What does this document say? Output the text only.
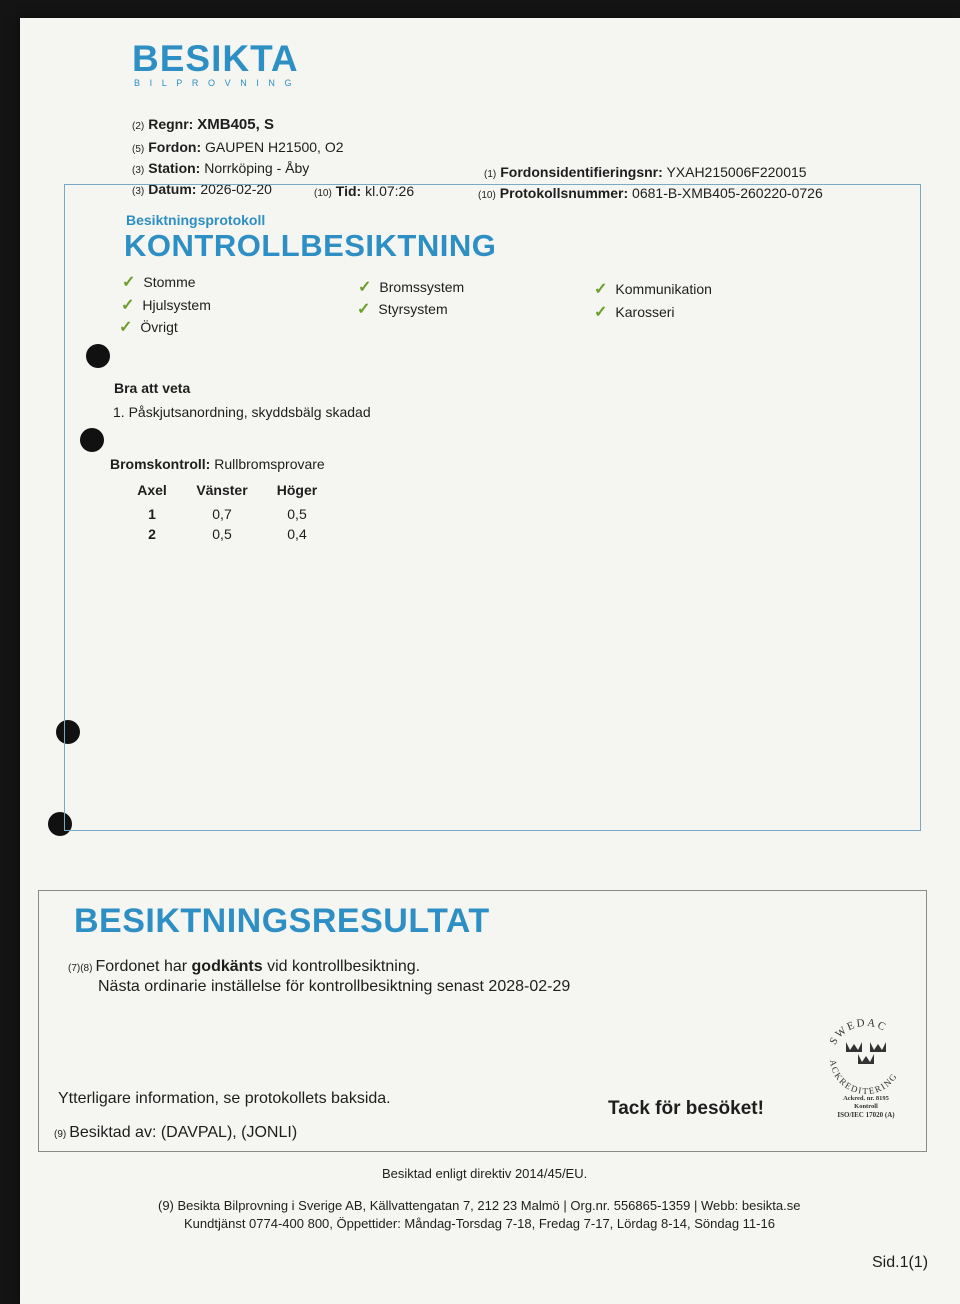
BESIKTA
BILPROVNING
(2) Regnr: XMB405, S
(5) Fordon: GAUPEN H21500, O2
(3) Station: Norrköping - Åby
(3) Datum: 2026-02-20	(10) Tid: kl.07:26
(1) Fordonsidentifieringsnr: YXAH215006F220015
(10) Protokollsnummer: 0681-B-XMB405-260220-0726
Besiktningsprotokoll
KONTROLLBESIKTNING
✓ Stomme
✓ Hjulsystem
✓ Övrigt
✓ Bromssystem
✓ Styrsystem
✓ Kommunikation
✓ Karosseri
Bra att veta
1. Påskjutsanordning, skyddsbälg skadad
Bromskontroll: Rullbromsprovare
Axel	Vänster	Höger
1	0,7	0,5
2	0,5	0,4
BESIKTNINGSRESULTAT
(7)(8) Fordonet har godkänts vid kontrollbesiktning.
Nästa ordinarie inställelse för kontrollbesiktning senast 2028-02-29
Ytterligare information, se protokollets baksida.	Tack för besöket!
(9) Besiktad av: (DAVPAL), (JONLI)
SWEDAC
ACKREDITERING
Ackred. nr. 8195
Kontroll
ISO/IEC 17020 (A)
Besiktad enligt direktiv 2014/45/EU.
(9) Besikta Bilprovning i Sverige AB, Källvattengatan 7, 212 23 Malmö | Org.nr. 556865-1359 | Webb: besikta.se
Kundtjänst 0774-400 800, Öppettider: Måndag-Torsdag 7-18, Fredag 7-17, Lördag 8-14, Söndag 11-16
Sid.1(1)
